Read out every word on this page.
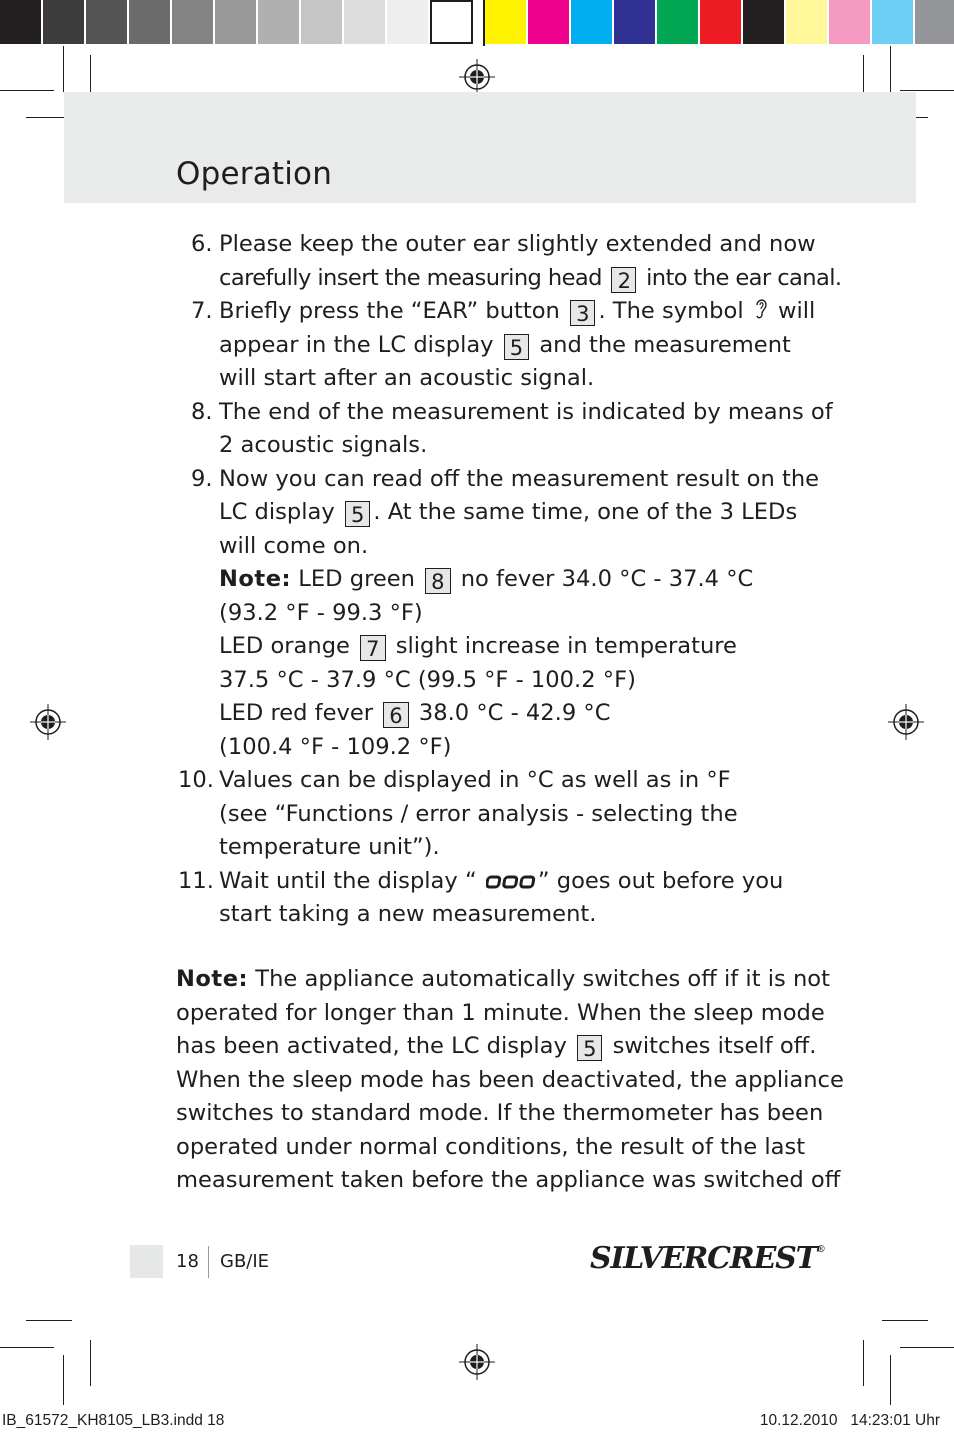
Operation
6. Please keep the outer ear slightly extended and now
carefully insert the measuring head 2 into the ear canal.
7. Briefly press the “EAR” button 3 . The symbol will
appear in the LC display 5 and the measurement
will start after an acoustic signal.
8. The end of the measurement is indicated by means of
2 acoustic signals.
9. Now you can read off the measurement result on the
LC display 5 . At the same time, one of the 3 LEDs
will come on.
Note: LED green 8 no fever 34.0 °C - 37.4 °C
(93.2 °F - 99.3 °F)
LED orange 7 slight increase in temperature
37.5 °C - 37.9 °C (99.5 °F - 100.2 °F)
LED red fever 6 38.0 °C - 42.9 °C
(100.4 °F - 109.2 °F)
10. Values can be displayed in °C as well as in °F
(see “Functions / error analysis - selecting the
temperature unit”).
11. Wait until the display “	” goes out before you
start taking a new measurement.
Note: The appliance automatically switches off if it is not
operated for longer than 1 minute. When the sleep mode
has been activated, the LC display 5 switches itself off.
When the sleep mode has been deactivated, the appliance
switches to standard mode. If the thermometer has been
operated under normal conditions, the result of the last
measurement taken before the appliance was switched off
18 GB/IE	SILVERCREST®
IB_61572_KH8105_LB3.indd 18	10.12.2010   14:23:01 Uhr
